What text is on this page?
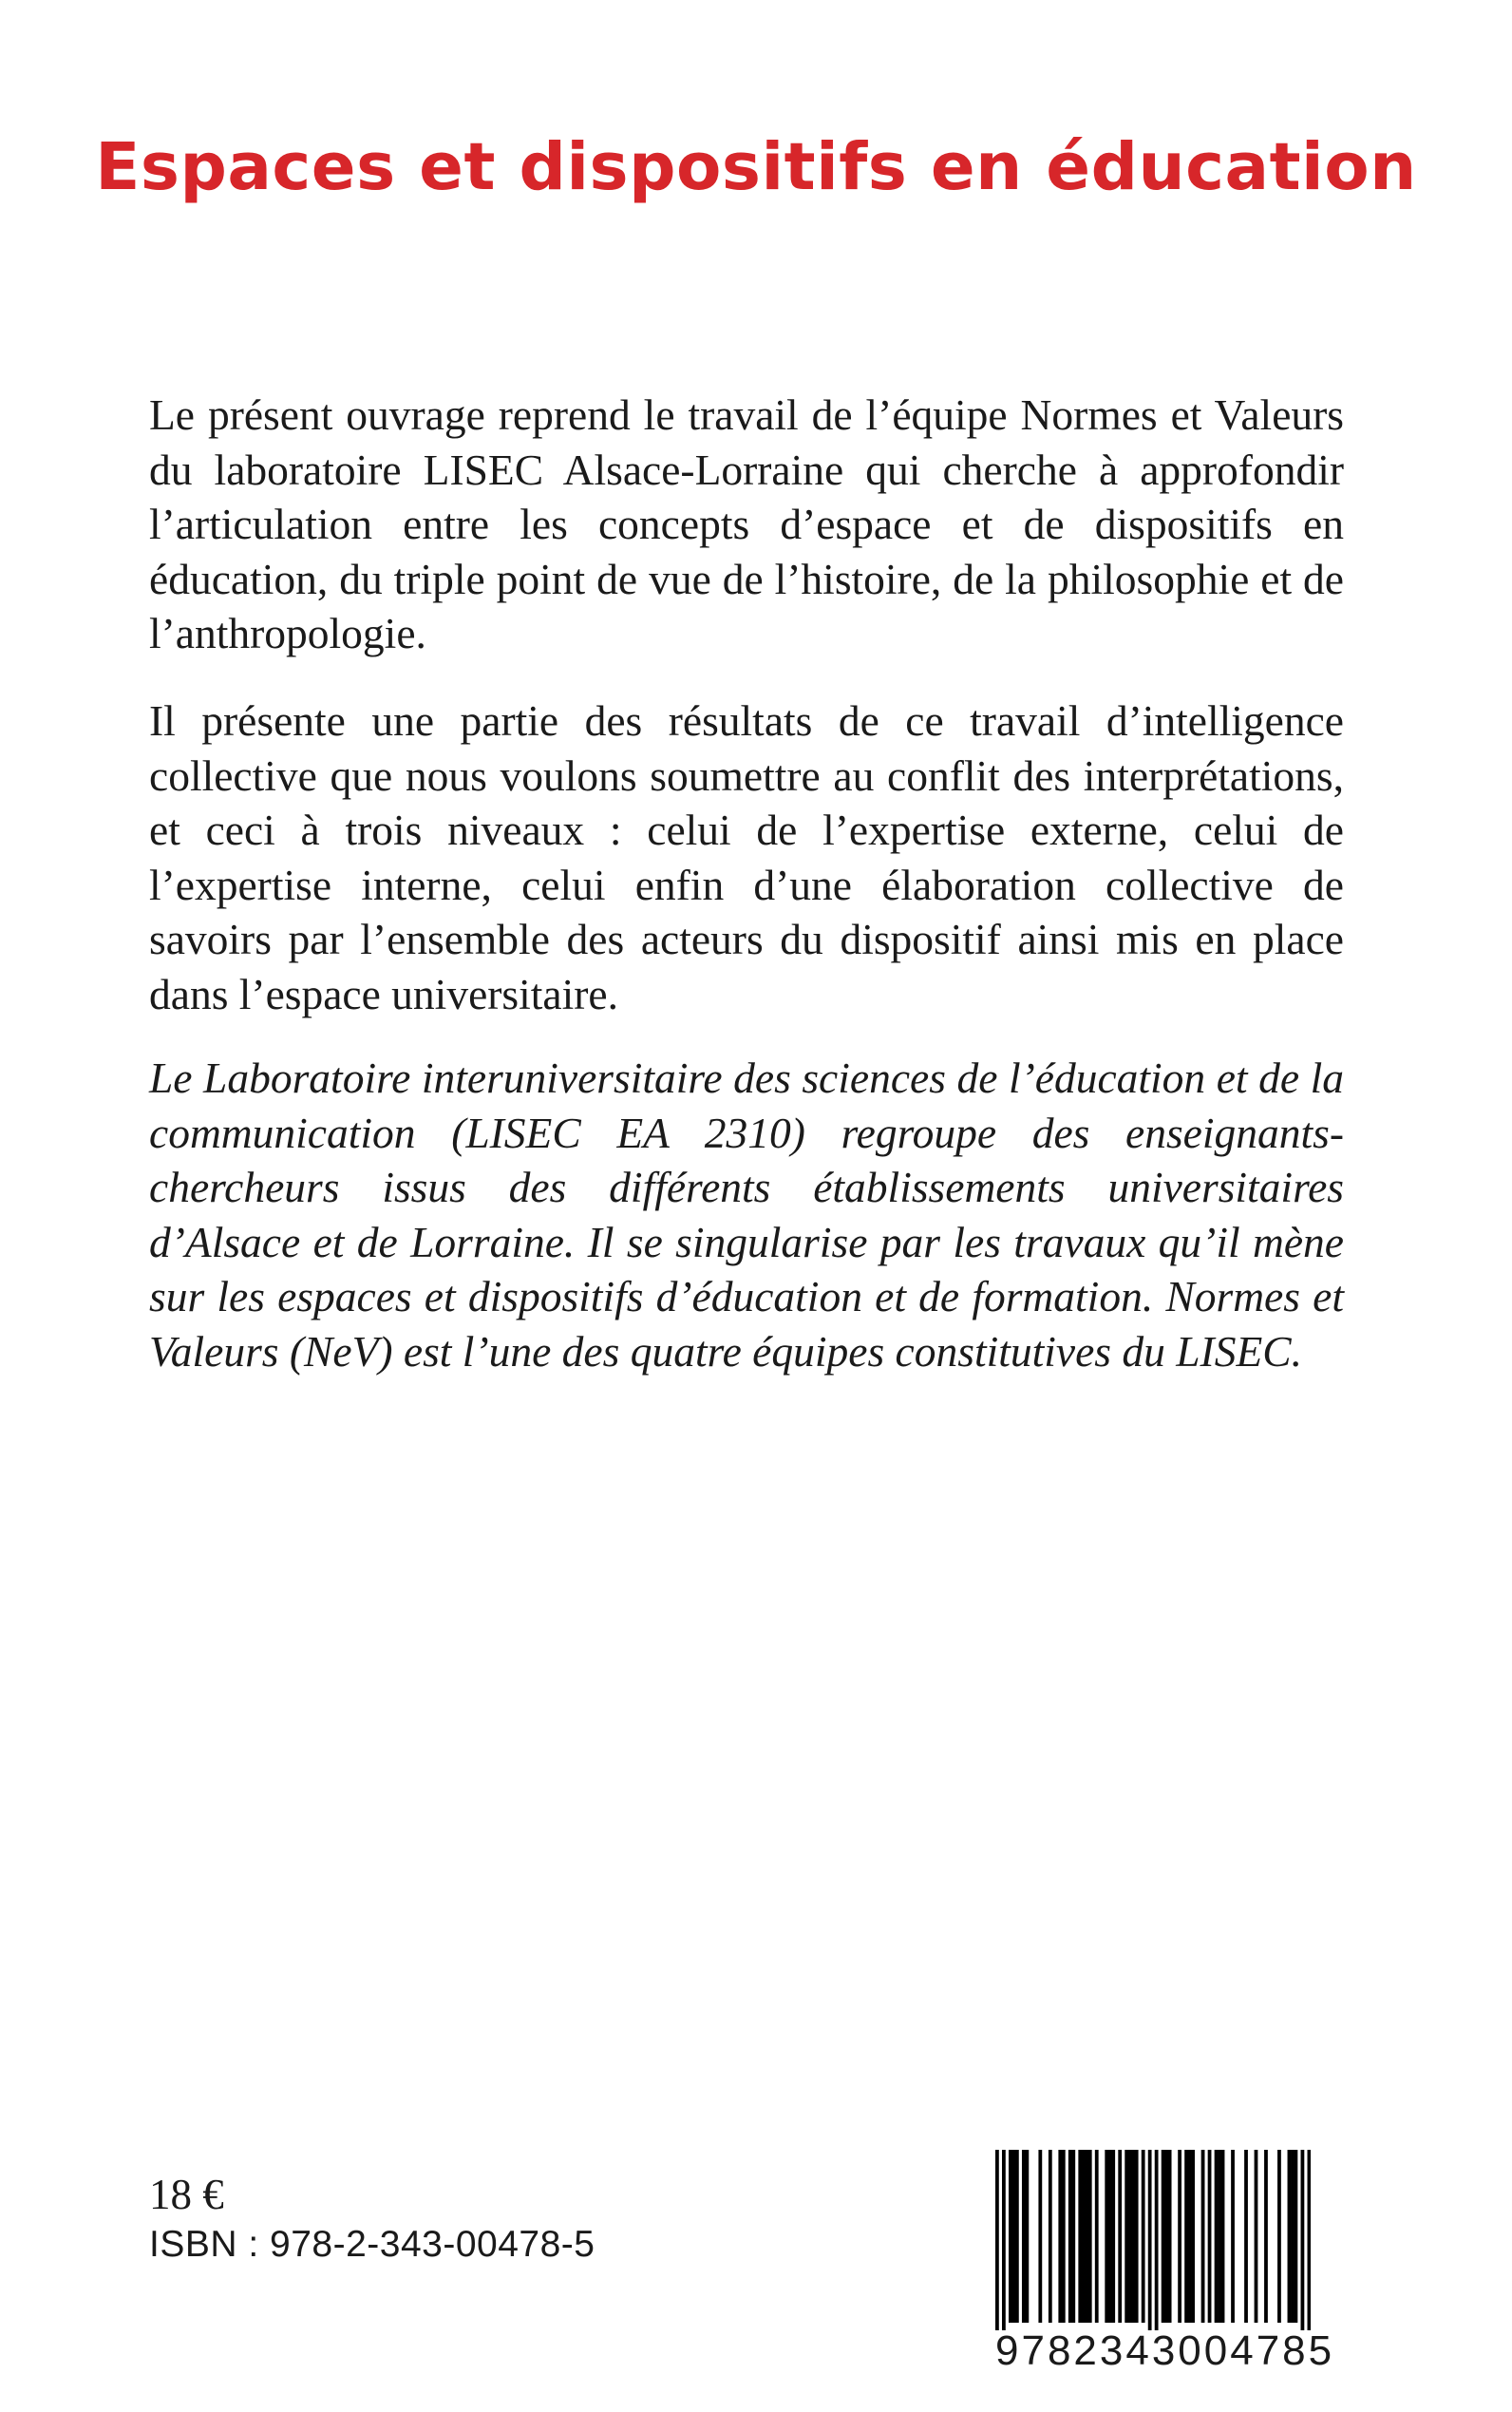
Espaces et dispositifs en éducation

Le présent ouvrage reprend le travail de l’équipe Normes et Valeurs du laboratoire LISEC Alsace-Lorraine qui cherche à approfondir l’articulation entre les concepts d’espace et de dispositifs en éducation, du triple point de vue de l’histoire, de la philosophie et de l’anthropologie.

Il présente une partie des résultats de ce travail d’intelligence collective que nous voulons soumettre au conflit des interprétations, et ceci à trois niveaux : celui de l’expertise externe, celui de l’expertise interne, celui enfin d’une élaboration collective de savoirs par l’ensemble des acteurs du dispositif ainsi mis en place dans l’espace universitaire.

Le Laboratoire interuniversitaire des sciences de l’éducation et de la communication (LISEC EA 2310) regroupe des enseignants-chercheurs issus des différents établissements universitaires d’Alsace et de Lorraine. Il se singularise par les travaux qu’il mène sur les espaces et dispositifs d’éducation et de formation. Normes et Valeurs (NeV) est l’une des quatre équipes constitutives du LISEC.

18 €

ISBN : 978-2-343-00478-5

9782343004785
